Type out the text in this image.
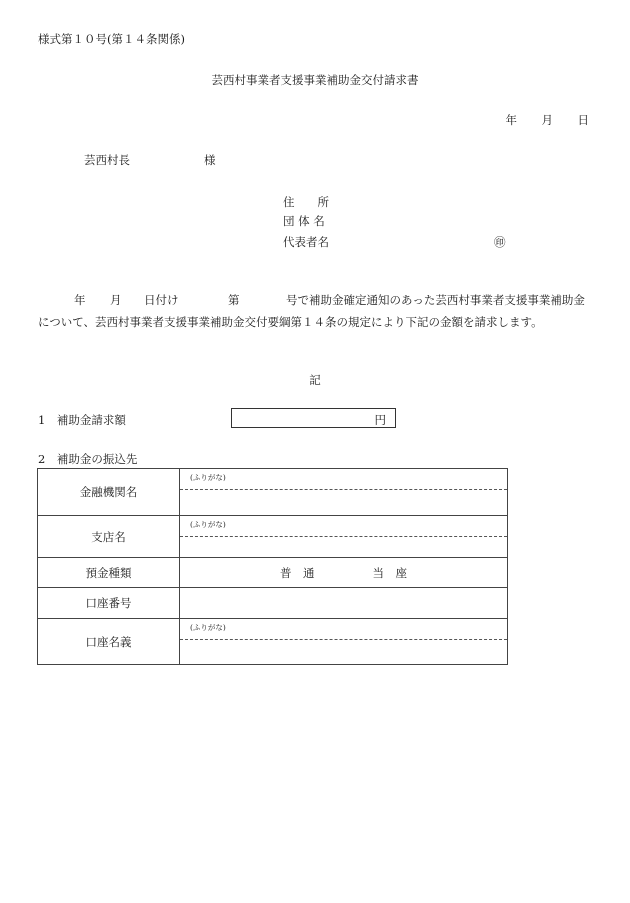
様式第１０号(第１４条関係)
芸西村事業者支援事業補助金交付請求書
年 月 日
芸西村長	様
住　　所
団 体 名
代表者名	㊞
年 月 日付け	第	号で補助金確定通知のあった芸西村事業者支援事業補助金
について、芸西村事業者支援事業補助金交付要綱第１４条の規定により下記の金額を請求します。
記
1　補助金請求額	円
2　補助金の振込先
金融機関名	(ふりがな)

支店名	(ふりがな)

預金種類	普　通 当　座
口座番号	
口座名義	(ふりがな)
